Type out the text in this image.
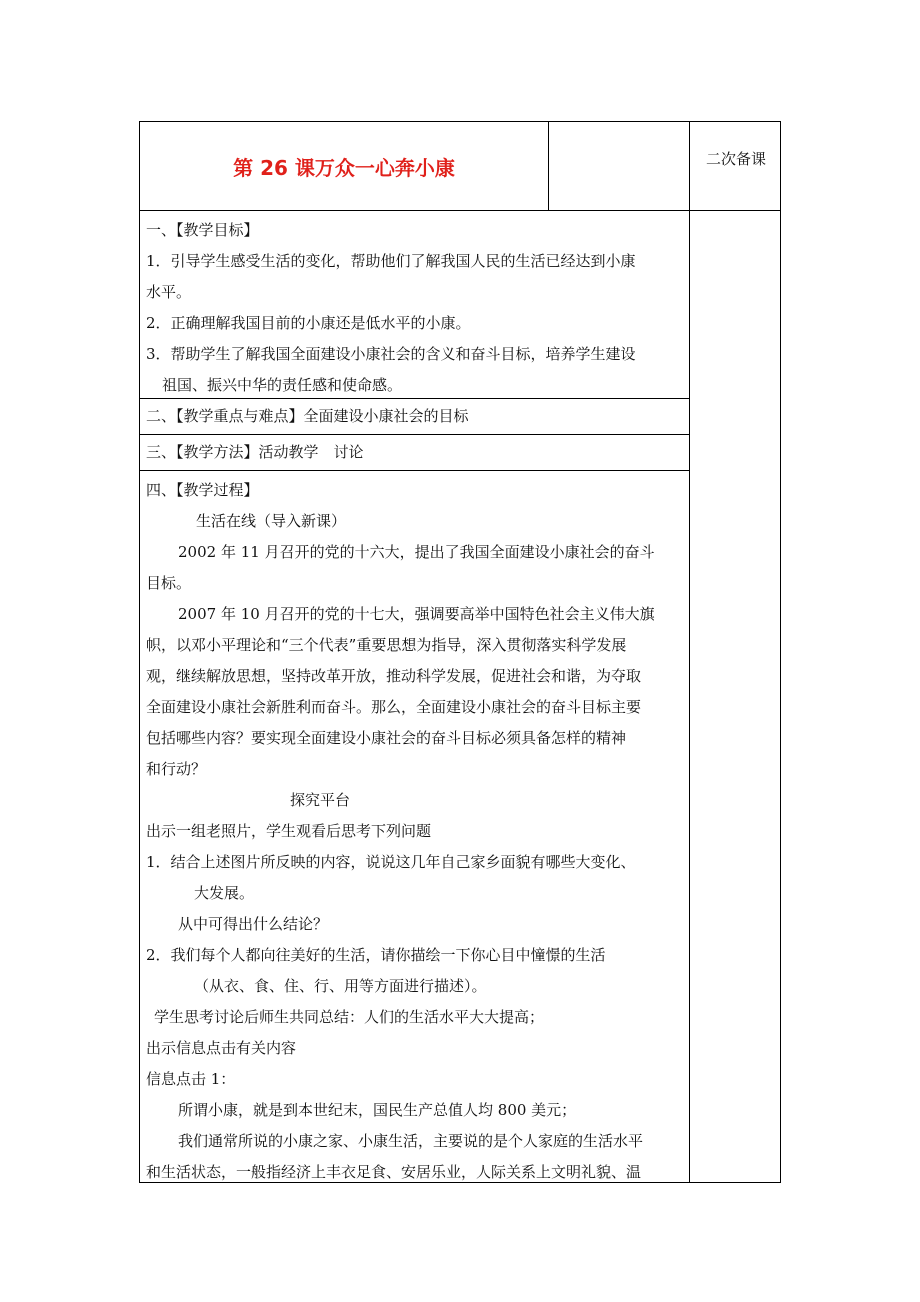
第 26 课万众一心奔小康	二次备课

一、【教学目标】

1．引导学生感受生活的变化，帮助他们了解我国人民的生活已经达到小康

水平。

2．正确理解我国目前的小康还是低水平的小康。

3．帮助学生了解我国全面建设小康社会的含义和奋斗目标，培养学生建设

祖国、振兴中华的责任感和使命感。

二、【教学重点与难点】全面建设小康社会的目标

三、【教学方法】活动教学　讨论

四、【教学过程】

生活在线（导入新课）

2002 年 11 月召开的党的十六大，提出了我国全面建设小康社会的奋斗

目标。

2007 年 10 月召开的党的十七大，强调要高举中国特色社会主义伟大旗

帜，以邓小平理论和“三个代表”重要思想为指导，深入贯彻落实科学发展

观，继续解放思想，坚持改革开放，推动科学发展，促进社会和谐，为夺取

全面建设小康社会新胜利而奋斗。那么，全面建设小康社会的奋斗目标主要

包括哪些内容？要实现全面建设小康社会的奋斗目标必须具备怎样的精神

和行动？

探究平台

出示一组老照片，学生观看后思考下列问题

1．结合上述图片所反映的内容，说说这几年自己家乡面貌有哪些大变化、

大发展。

从中可得出什么结论？

2．我们每个人都向往美好的生活，请你描绘一下你心目中憧憬的生活

（从衣、食、住、行、用等方面进行描述）。

学生思考讨论后师生共同总结：人们的生活水平大大提高；

出示信息点击有关内容

信息点击 1：

所谓小康，就是到本世纪末，国民生产总值人均 800 美元；

我们通常所说的小康之家、小康生活，主要说的是个人家庭的生活水平

和生活状态，一般指经济上丰衣足食、安居乐业，人际关系上文明礼貌、温
